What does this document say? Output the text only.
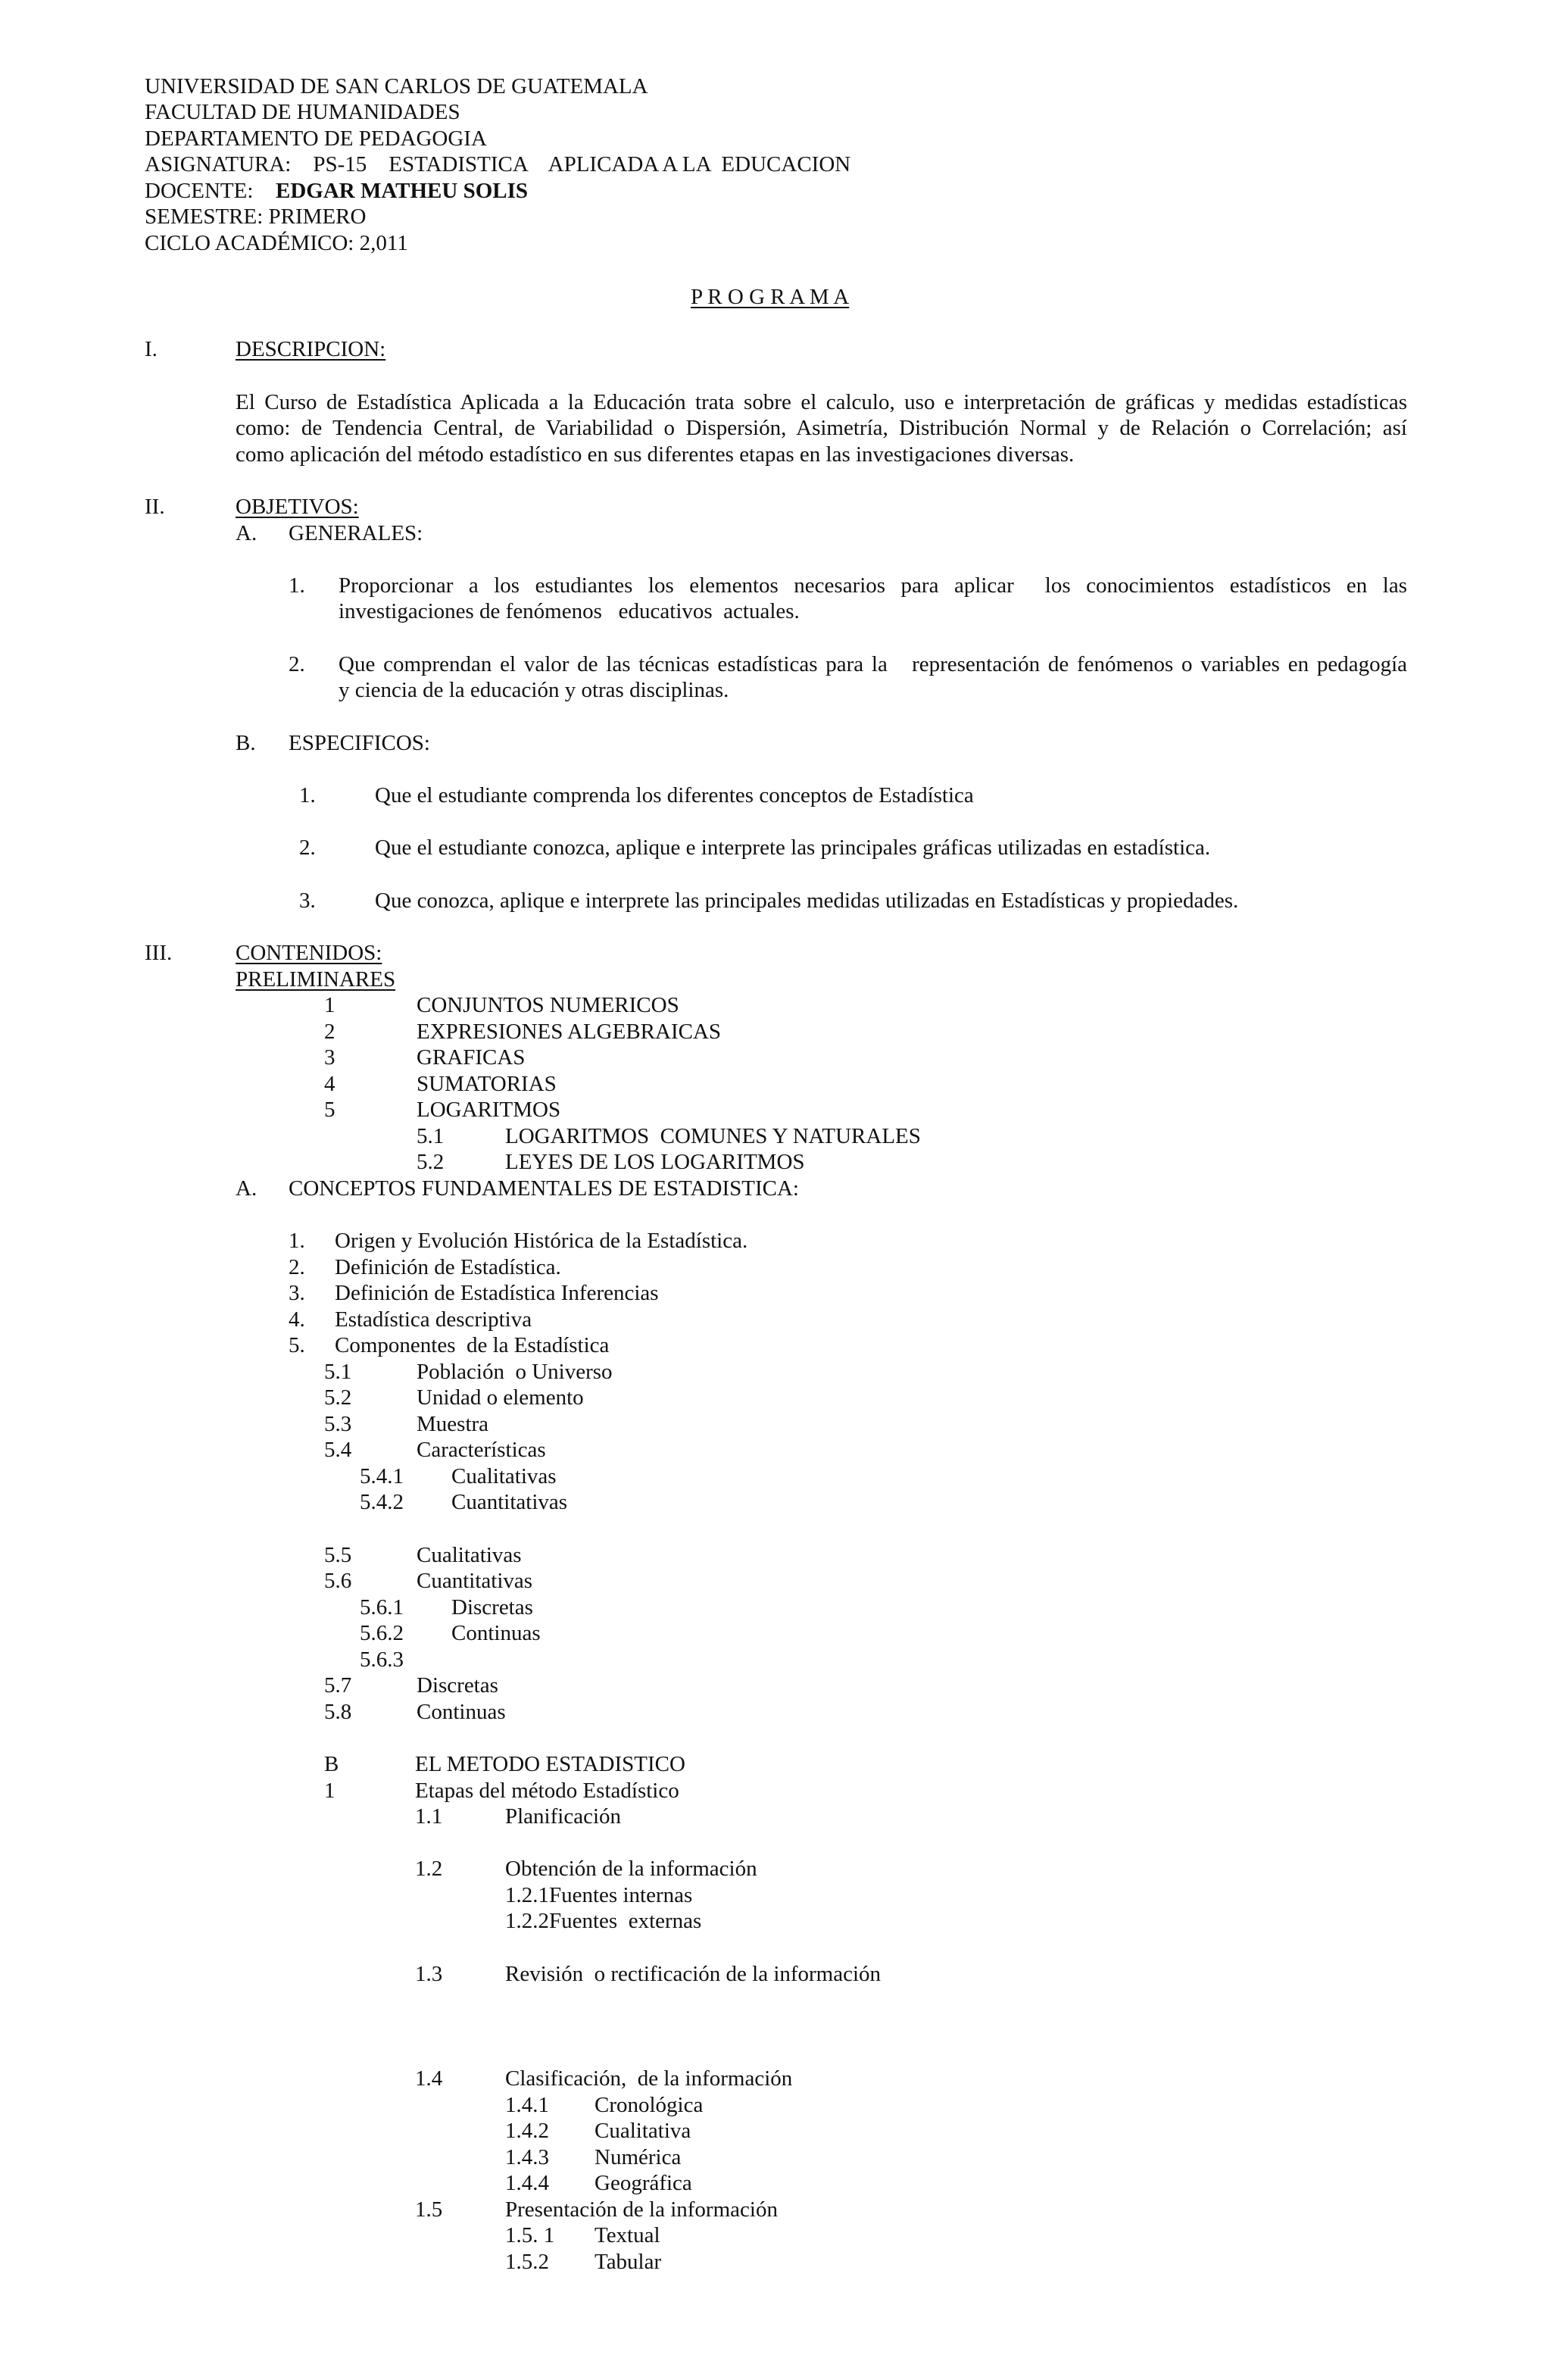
UNIVERSIDAD DE SAN CARLOS DE GUATEMALA
FACULTAD DE HUMANIDADES
DEPARTAMENTO DE PEDAGOGIA
ASIGNATURA:    PS-15    ESTADISTICA    APLICADA A LA  EDUCACION
DOCENTE: EDGAR MATHEU SOLIS
SEMESTRE: PRIMERO
CICLO ACADÉMICO: 2,011
P R O G R A M A
I.	DESCRIPCION:
El Curso de Estadística Aplicada a la Educación trata sobre el calculo, uso e interpretación de gráficas y medidas estadísticas
como: de Tendencia Central, de Variabilidad o Dispersión, Asimetría, Distribución Normal y de Relación o Correlación; así
como aplicación del método estadístico en sus diferentes etapas en las investigaciones diversas.
II.	OBJETIVOS:
A. GENERALES:
1. Proporcionar  a  los  estudiantes  los  elementos  necesarios  para  aplicar    los  conocimientos  estadísticos  en  las
investigaciones de fenómenos   educativos  actuales.
2. Que comprendan el valor de las técnicas estadísticas para la   representación de fenómenos o variables en pedagogía
y ciencia de la educación y otras disciplinas.
B. ESPECIFICOS:
1.	Que el estudiante comprenda los diferentes conceptos de Estadística
2.	Que el estudiante conozca, aplique e interprete las principales gráficas utilizadas en estadística.
3.	Que conozca, aplique e interprete las principales medidas utilizadas en Estadísticas y propiedades.
III.	CONTENIDOS:
PRELIMINARES
1	CONJUNTOS NUMERICOS
2	EXPRESIONES ALGEBRAICAS
3	GRAFICAS
4	SUMATORIAS
5	LOGARITMOS
5.1	LOGARITMOS  COMUNES Y NATURALES
5.2	LEYES DE LOS LOGARITMOS
A. CONCEPTOS FUNDAMENTALES DE ESTADISTICA:
1. Origen y Evolución Histórica de la Estadística.
2. Definición de Estadística.
3. Definición de Estadística Inferencias
4. Estadística descriptiva
5. Componentes  de la Estadística
5.1	Población  o Universo
5.2	Unidad o elemento
5.3	Muestra
5.4	Características
5.4.1 Cualitativas
5.4.2 Cuantitativas
5.5	Cualitativas
5.6	Cuantitativas
5.6.1 Discretas
5.6.2 Continuas
5.6.3
5.7	Discretas
5.8	Continuas
B	EL METODO ESTADISTICO
1	Etapas del método Estadístico
1.1	Planificación
1.2	Obtención de la información
1.2.1Fuentes internas
1.2.2Fuentes  externas
1.3	Revisión  o rectificación de la información
1.4	Clasificación,  de la información
1.4.1 Cronológica
1.4.2 Cualitativa
1.4.3 Numérica
1.4.4 Geográfica
1.5	Presentación de la información
1.5. 1 Textual
1.5.2 Tabular
